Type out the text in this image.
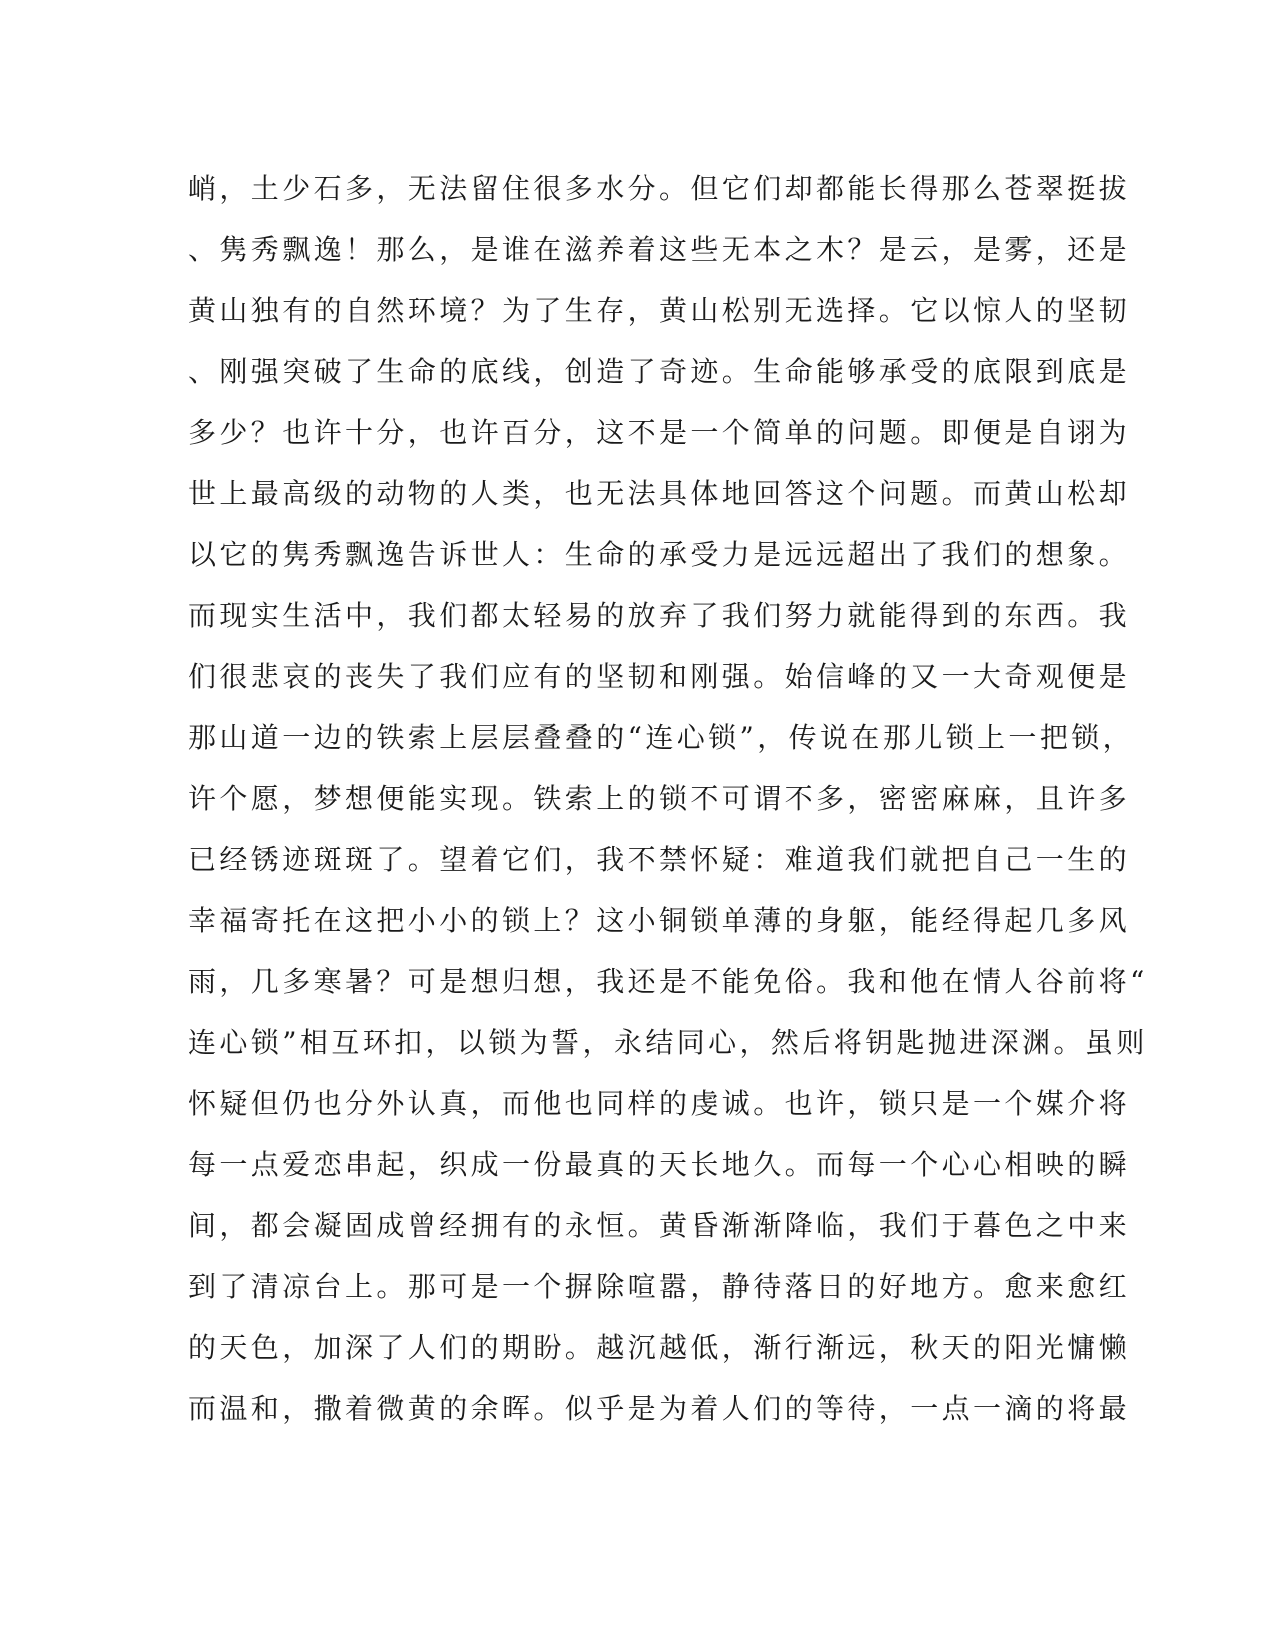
峭，土少石多，无法留住很多水分。但它们却都能长得那么苍翠挺拔
、隽秀飘逸！那么，是谁在滋养着这些无本之木？是云，是雾，还是
黄山独有的自然环境？为了生存，黄山松别无选择。它以惊人的坚韧
、刚强突破了生命的底线，创造了奇迹。生命能够承受的底限到底是
多少？也许十分，也许百分，这不是一个简单的问题。即便是自诩为
世上最高级的动物的人类，也无法具体地回答这个问题。而黄山松却
以它的隽秀飘逸告诉世人：生命的承受力是远远超出了我们的想象。
而现实生活中，我们都太轻易的放弃了我们努力就能得到的东西。我
们很悲哀的丧失了我们应有的坚韧和刚强。始信峰的又一大奇观便是
那山道一边的铁索上层层叠叠的“连心锁”，传说在那儿锁上一把锁，
许个愿，梦想便能实现。铁索上的锁不可谓不多，密密麻麻，且许多
已经锈迹斑斑了。望着它们，我不禁怀疑：难道我们就把自己一生的
幸福寄托在这把小小的锁上？这小铜锁单薄的身躯，能经得起几多风
雨，几多寒暑？可是想归想，我还是不能免俗。我和他在情人谷前将“
连心锁”相互环扣，以锁为誓，永结同心，然后将钥匙抛进深渊。虽则
怀疑但仍也分外认真，而他也同样的虔诚。也许，锁只是一个媒介将
每一点爱恋串起，织成一份最真的天长地久。而每一个心心相映的瞬
间，都会凝固成曾经拥有的永恒。黄昏渐渐降临，我们于暮色之中来
到了清凉台上。那可是一个摒除喧嚣，静待落日的好地方。愈来愈红
的天色，加深了人们的期盼。越沉越低，渐行渐远，秋天的阳光慵懒
而温和，撒着微黄的余晖。似乎是为着人们的等待，一点一滴的将最
